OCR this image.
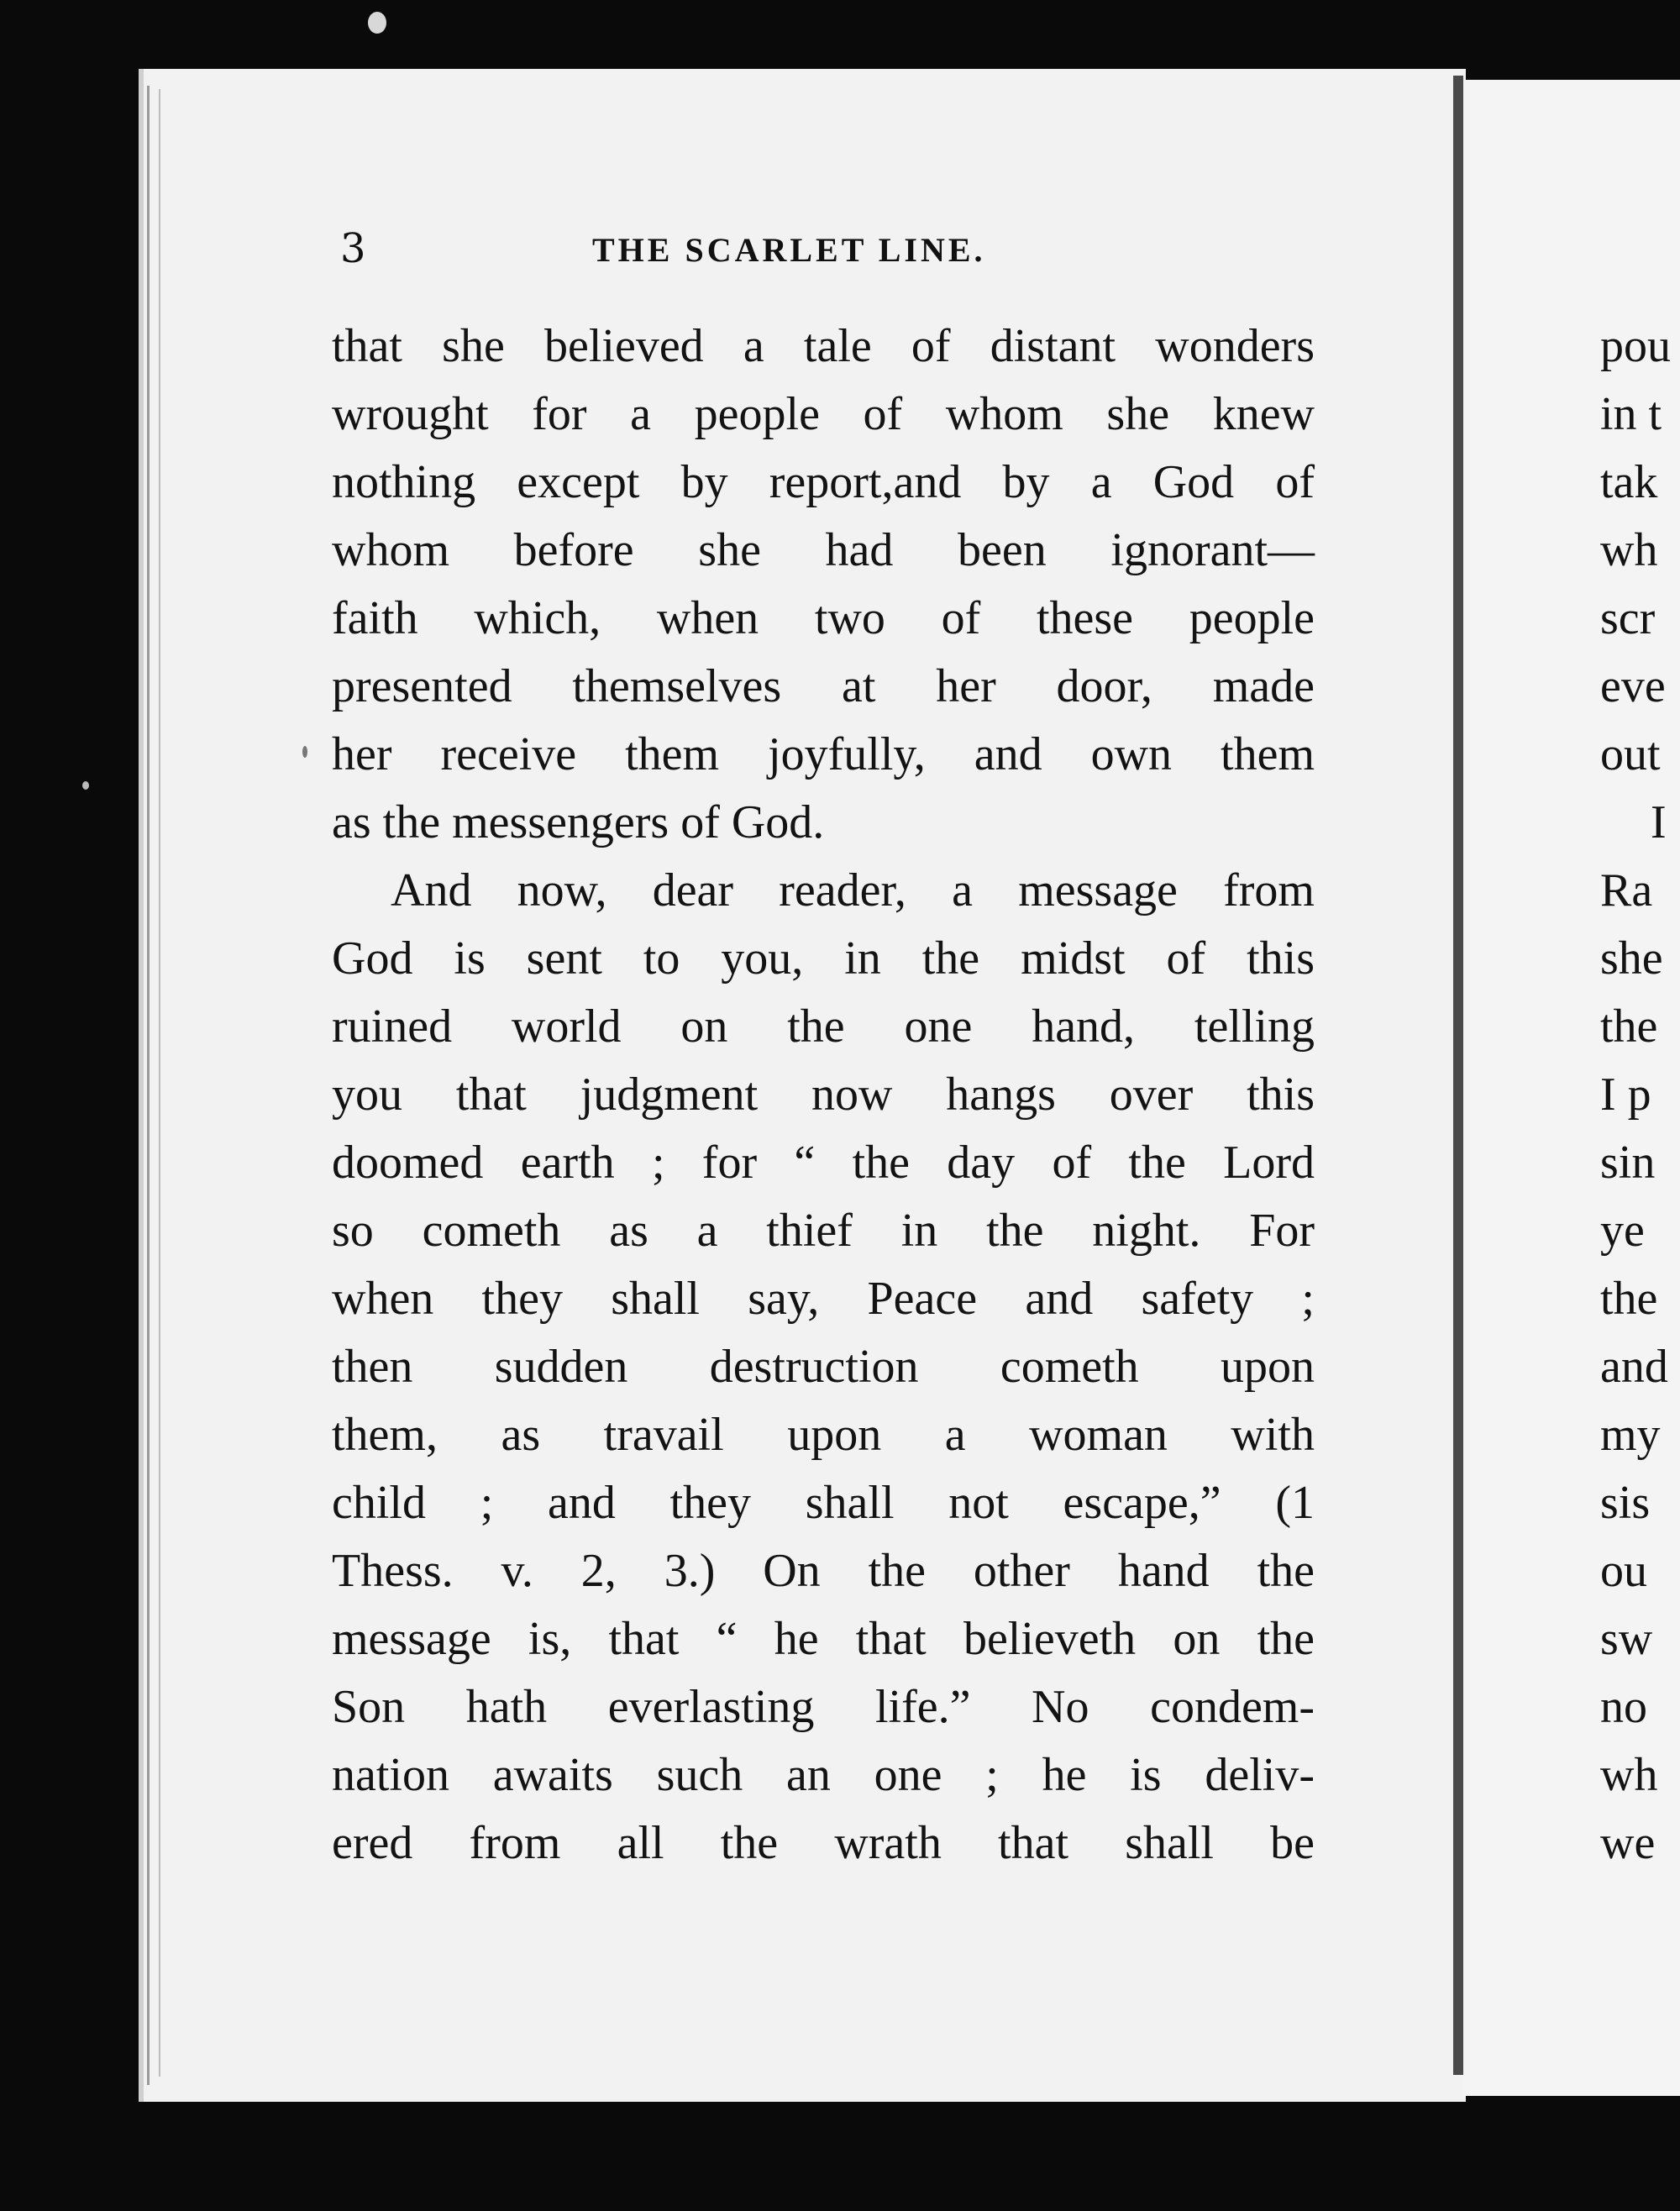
3	THE SCARLET LINE.
that she believed a tale of distant wonders
wrought for a people of whom she knew
nothing except by report,and by a God of
whom before she had been ignorant—
faith which, when two of these people
presented themselves at her door, made
her receive them joyfully, and own them
as the messengers of God.
And now, dear reader, a message from
God is sent to you, in the midst of this
ruined world on the one hand, telling
you that judgment now hangs over this
doomed earth ; for “ the day of the Lord
so cometh as a thief in the night. For
when they shall say, Peace and safety ;
then sudden destruction cometh upon
them, as travail upon a woman with
child ; and they shall not escape,” (1
Thess. v. 2, 3.) On the other hand the
message is, that “ he that believeth on the
Son hath everlasting life.” No condem-
nation awaits such an one ; he is deliv-
ered from all the wrath that shall be
pou
in t
tak
wh
scr
eve
out
I
Ra
she
the
I p
sin
ye
the
and
my
sis
ou
sw
no
wh
we
